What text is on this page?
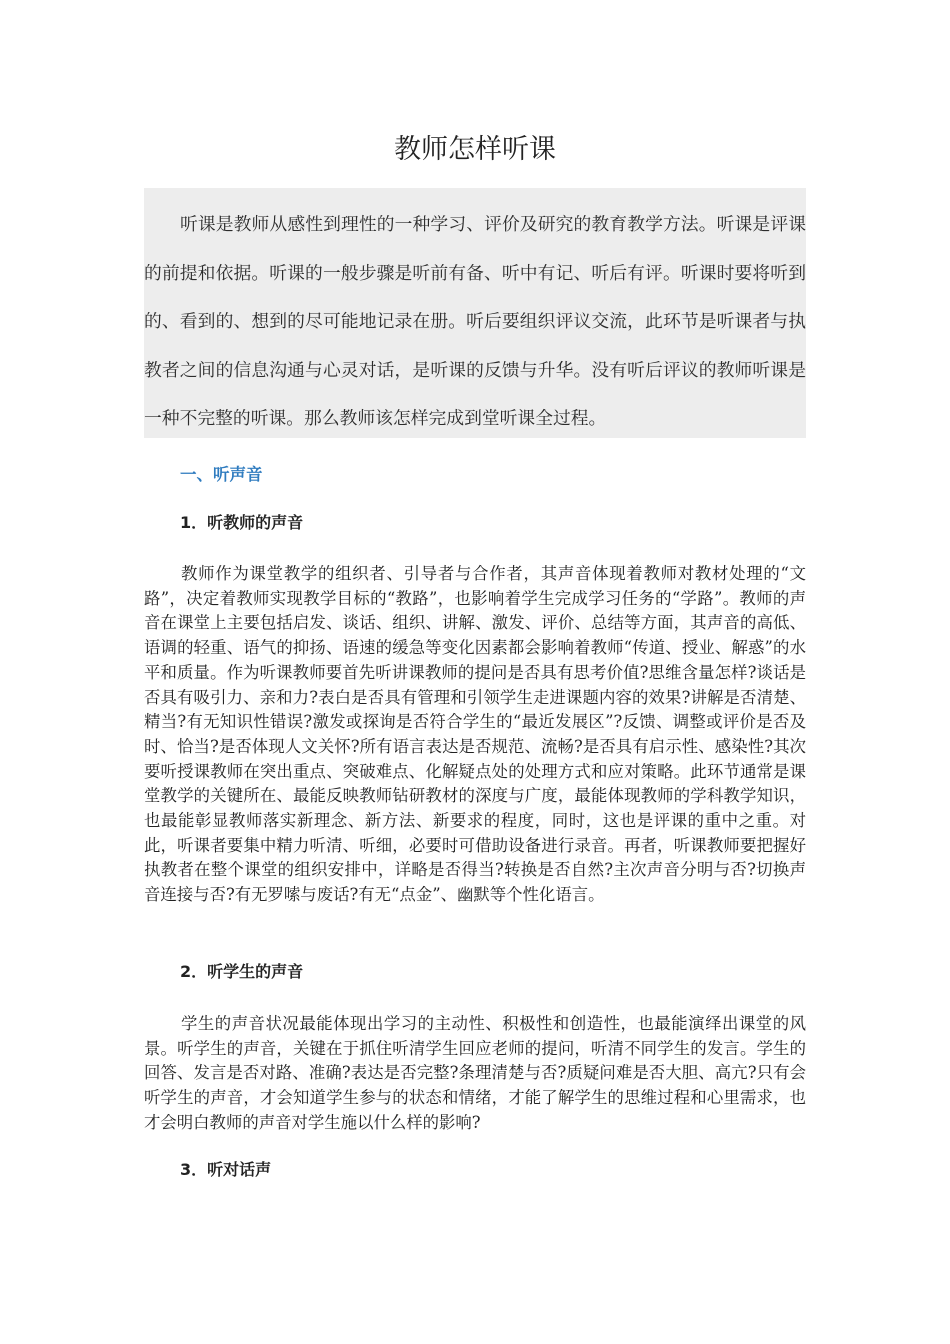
教师怎样听课

听课是教师从感性到理性的一种学习、评价及研究的教育教学方法。听课是评课的前提和依据。听课的一般步骤是听前有备、听中有记、听后有评。听课时要将听到的、看到的、想到的尽可能地记录在册。听后要组织评议交流，此环节是听课者与执教者之间的信息沟通与心灵对话，是听课的反馈与升华。没有听后评议的教师听课是一种不完整的听课。那么教师该怎样完成到堂听课全过程。

一、听声音
1．听教师的声音

教师作为课堂教学的组织者、引导者与合作者，其声音体现着教师对教材处理的“文路”，决定着教师实现教学目标的“教路”，也影响着学生完成学习任务的“学路”。教师的声音在课堂上主要包括启发、谈话、组织、讲解、激发、评价、总结等方面，其声音的高低、语调的轻重、语气的抑扬、语速的缓急等变化因素都会影响着教师“传道、授业、解惑”的水平和质量。作为听课教师要首先听讲课教师的提问是否具有思考价值?思维含量怎样?谈话是否具有吸引力、亲和力?表白是否具有管理和引领学生走进课题内容的效果?讲解是否清楚、精当?有无知识性错误?激发或探询是否符合学生的“最近发展区”?反馈、调整或评价是否及时、恰当?是否体现人文关怀?所有语言表达是否规范、流畅?是否具有启示性、感染性?其次要听授课教师在突出重点、突破难点、化解疑点处的处理方式和应对策略。此环节通常是课堂教学的关键所在、最能反映教师钻研教材的深度与广度，最能体现教师的学科教学知识，也最能彰显教师落实新理念、新方法、新要求的程度，同时，这也是评课的重中之重。对此，听课者要集中精力听清、听细，必要时可借助设备进行录音。再者，听课教师要把握好执教者在整个课堂的组织安排中，详略是否得当?转换是否自然?主次声音分明与否?切换声音连接与否?有无罗嗦与废话?有无“点金”、幽默等个性化语言。

2．听学生的声音

学生的声音状况最能体现出学习的主动性、积极性和创造性，也最能演绎出课堂的风景。听学生的声音，关键在于抓住听清学生回应老师的提问，听清不同学生的发言。学生的回答、发言是否对路、准确?表达是否完整?条理清楚与否?质疑问难是否大胆、高亢?只有会听学生的声音，才会知道学生参与的状态和情绪，才能了解学生的思维过程和心里需求，也才会明白教师的声音对学生施以什么样的影响?

3．听对话声
